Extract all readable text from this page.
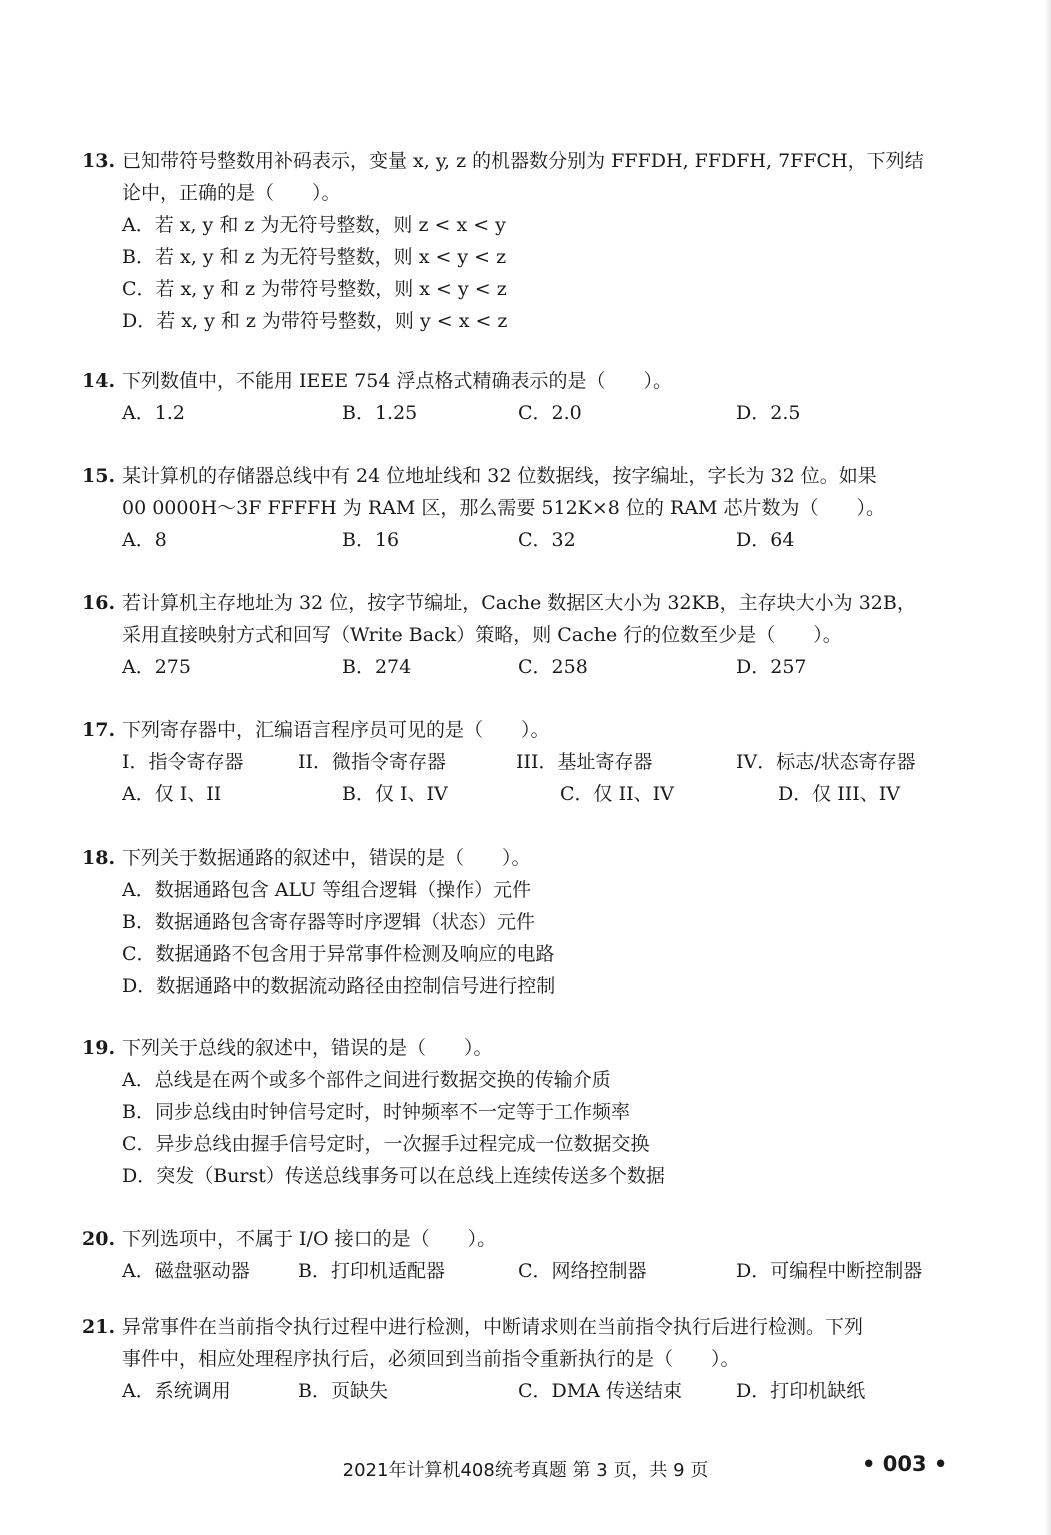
13. 已知带符号整数用补码表示，变量 x, y, z 的机器数分别为 FFFDH, FFDFH, 7FFCH，下列结
论中，正确的是（　　）。
A．若 x, y 和 z 为无符号整数，则 z < x < y
B．若 x, y 和 z 为无符号整数，则 x < y < z
C．若 x, y 和 z 为带符号整数，则 x < y < z
D．若 x, y 和 z 为带符号整数，则 y < x < z
14. 下列数值中，不能用 IEEE 754 浮点格式精确表示的是（　　）。
A．1.2	B．1.25	C．2.0	D．2.5
15. 某计算机的存储器总线中有 24 位地址线和 32 位数据线，按字编址，字长为 32 位。如果
00 0000H～3F FFFFH 为 RAM 区，那么需要 512K×8 位的 RAM 芯片数为（　　）。
A．8	B．16	C．32	D．64
16. 若计算机主存地址为 32 位，按字节编址，Cache 数据区大小为 32KB，主存块大小为 32B，
采用直接映射方式和回写（Write Back）策略，则 Cache 行的位数至少是（　　）。
A．275	B．274	C．258	D．257
17. 下列寄存器中，汇编语言程序员可见的是（　　）。
I．指令寄存器	II．微指令寄存器	III．基址寄存器	IV．标志/状态寄存器
A．仅 I、II	B．仅 I、IV	C．仅 II、IV	D．仅 III、IV
18. 下列关于数据通路的叙述中，错误的是（　　）。
A．数据通路包含 ALU 等组合逻辑（操作）元件
B．数据通路包含寄存器等时序逻辑（状态）元件
C．数据通路不包含用于异常事件检测及响应的电路
D．数据通路中的数据流动路径由控制信号进行控制
19. 下列关于总线的叙述中，错误的是（　　）。
A．总线是在两个或多个部件之间进行数据交换的传输介质
B．同步总线由时钟信号定时，时钟频率不一定等于工作频率
C．异步总线由握手信号定时，一次握手过程完成一位数据交换
D．突发（Burst）传送总线事务可以在总线上连续传送多个数据
20. 下列选项中，不属于 I/O 接口的是（　　）。
A．磁盘驱动器	B．打印机适配器	C．网络控制器	D．可编程中断控制器
21. 异常事件在当前指令执行过程中进行检测，中断请求则在当前指令执行后进行检测。下列
事件中，相应处理程序执行后，必须回到当前指令重新执行的是（　　）。
A．系统调用	B．页缺失	C．DMA 传送结束	D．打印机缺纸
2021年计算机408统考真题 第 3 页，共 9 页	• 003 •
